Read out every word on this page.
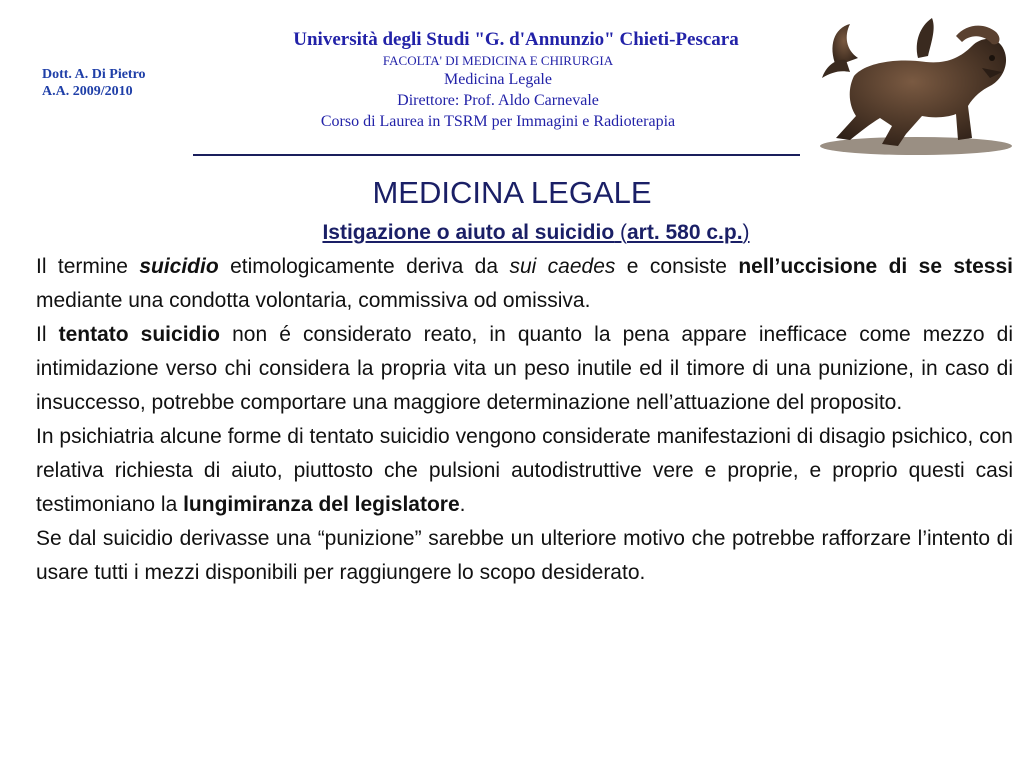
Dott. A. Di Pietro
A.A. 2009/2010
Università degli Studi "G. d'Annunzio" Chieti-Pescara
FACOLTA' DI MEDICINA E CHIRURGIA
Medicina Legale
Direttore: Prof. Aldo Carnevale
Corso di Laurea in TSRM per Immagini e Radioterapia
MEDICINA LEGALE
Istigazione o aiuto al suicidio (art. 580 c.p.)

Il termine suicidio etimologicamente deriva da sui caedes e consiste nell’uccisione di se stessi mediante una condotta volontaria, commissiva od omissiva.

Il tentato suicidio non é considerato reato, in quanto la pena appare inefficace come mezzo di intimidazione verso chi considera la propria vita un peso inutile ed il timore di una punizione, in caso di insuccesso, potrebbe comportare una maggiore determinazione nell’attuazione del proposito.

In psichiatria alcune forme di tentato suicidio vengono considerate manifestazioni di disagio psichico, con relativa richiesta di aiuto, piuttosto che pulsioni autodistruttive vere e proprie, e proprio questi casi testimoniano la lungimiranza del legislatore.

Se dal suicidio derivasse una “punizione” sarebbe un ulteriore motivo che potrebbe rafforzare l’intento di usare tutti i mezzi disponibili per raggiungere lo scopo desiderato.
